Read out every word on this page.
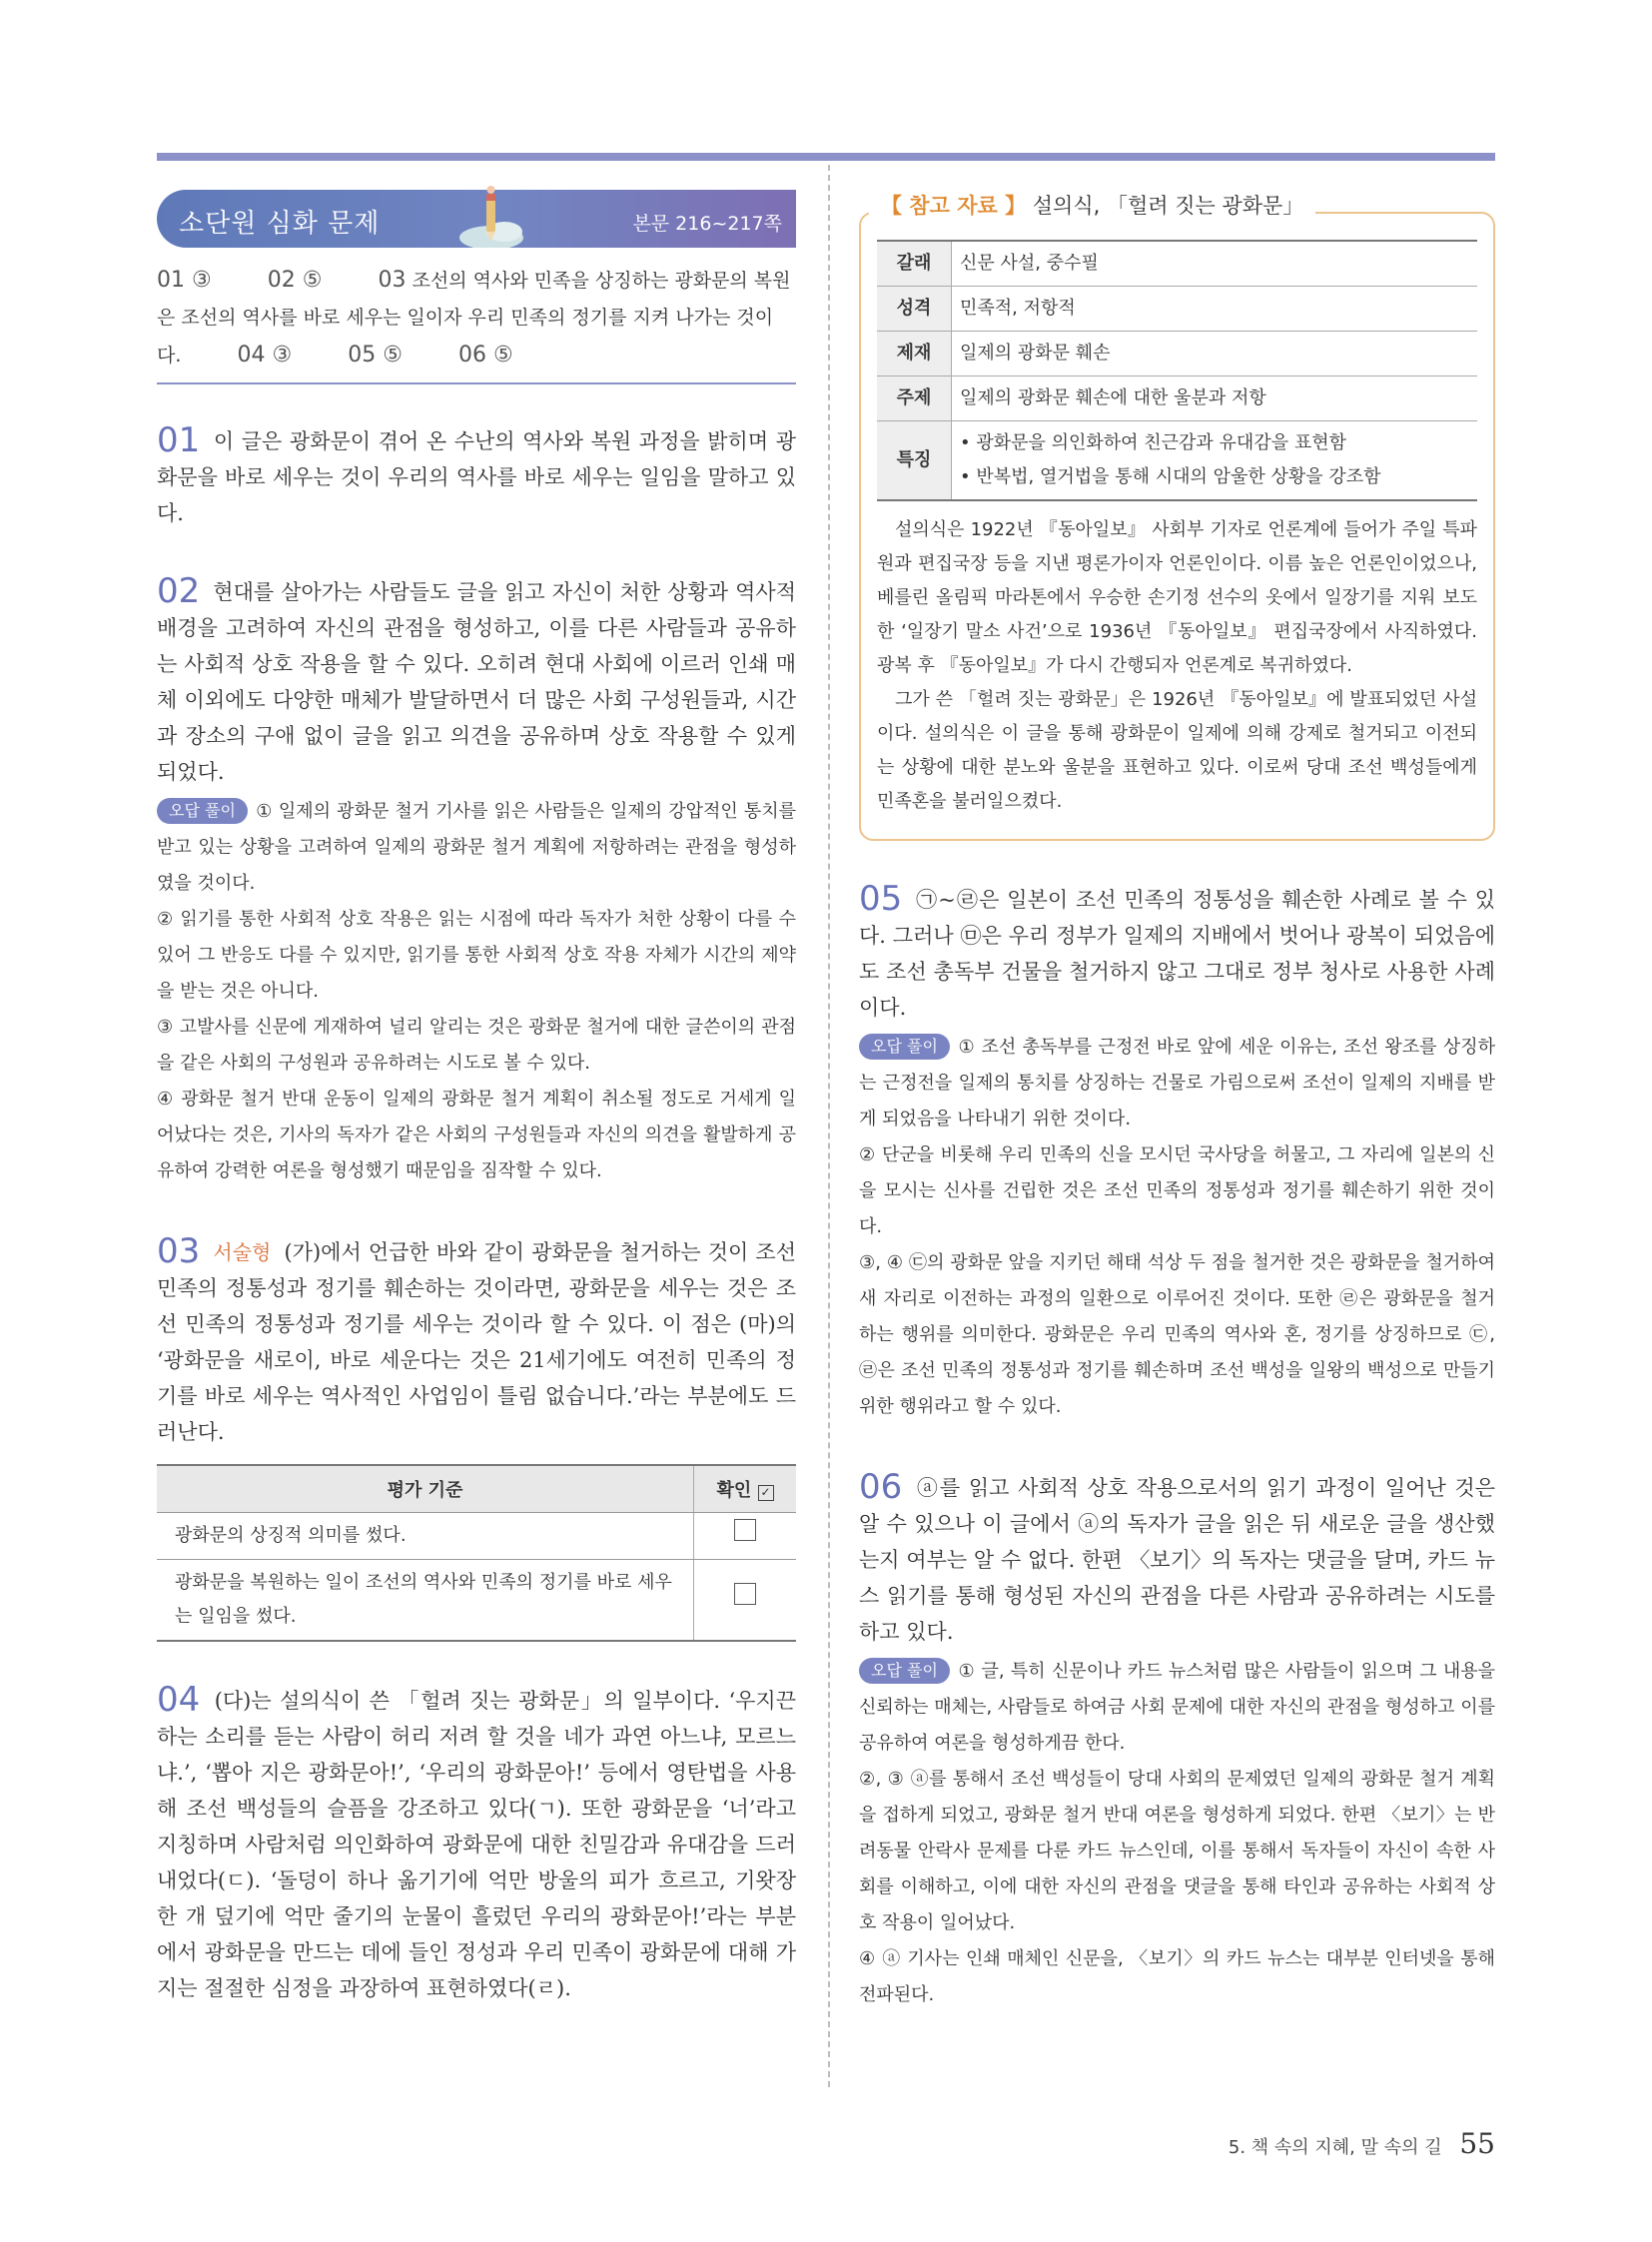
소단원 심화 문제	본문 216~217쪽
01 ③	02 ⑤	03 조선의 역사와 민족을 상징하는 광화문의 복원은 조선의 역사를 바로 세우는 일이자 우리 민족의 정기를 지켜 나가는 것이다.	04 ③	05 ⑤	06 ⑤
01 이 글은 광화문이 겪어 온 수난의 역사와 복원 과정을 밝히며 광화문을 바로 세우는 것이 우리의 역사를 바로 세우는 일임을 말하고 있다.
02 현대를 살아가는 사람들도 글을 읽고 자신이 처한 상황과 역사적 배경을 고려하여 자신의 관점을 형성하고, 이를 다른 사람들과 공유하는 사회적 상호 작용을 할 수 있다. 오히려 현대 사회에 이르러 인쇄 매체 이외에도 다양한 매체가 발달하면서 더 많은 사회 구성원들과, 시간과 장소의 구애 없이 글을 읽고 의견을 공유하며 상호 작용할 수 있게 되었다.
오답 풀이 ① 일제의 광화문 철거 기사를 읽은 사람들은 일제의 강압적인 통치를 받고 있는 상황을 고려하여 일제의 광화문 철거 계획에 저항하려는 관점을 형성하였을 것이다.
② 읽기를 통한 사회적 상호 작용은 읽는 시점에 따라 독자가 처한 상황이 다를 수 있어 그 반응도 다를 수 있지만, 읽기를 통한 사회적 상호 작용 자체가 시간의 제약을 받는 것은 아니다.
③ 고발사를 신문에 게재하여 널리 알리는 것은 광화문 철거에 대한 글쓴이의 관점을 같은 사회의 구성원과 공유하려는 시도로 볼 수 있다.
④ 광화문 철거 반대 운동이 일제의 광화문 철거 계획이 취소될 정도로 거세게 일어났다는 것은, 기사의 독자가 같은 사회의 구성원들과 자신의 의견을 활발하게 공유하여 강력한 여론을 형성했기 때문임을 짐작할 수 있다.
03 서술형 (가)에서 언급한 바와 같이 광화문을 철거하는 것이 조선 민족의 정통성과 정기를 훼손하는 것이라면, 광화문을 세우는 것은 조선 민족의 정통성과 정기를 세우는 것이라 할 수 있다. 이 점은 (마)의 ‘광화문을 새로이, 바로 세운다는 것은 21세기에도 여전히 민족의 정기를 바로 세우는 역사적인 사업임이 틀림 없습니다.’라는 부분에도 드러난다.
평가 기준	확인 ✓
광화문의 상징적 의미를 썼다.	
광화문을 복원하는 일이 조선의 역사와 민족의 정기를 바로 세우는 일임을 썼다.	
04 (다)는 설의식이 쓴 「헐려 짓는 광화문」의 일부이다. ‘우지끈하는 소리를 듣는 사람이 허리 저려 할 것을 네가 과연 아느냐, 모르느냐.’, ‘뽑아 지은 광화문아!’, ‘우리의 광화문아!’ 등에서 영탄법을 사용해 조선 백성들의 슬픔을 강조하고 있다(ㄱ). 또한 광화문을 ‘너’라고 지칭하며 사람처럼 의인화하여 광화문에 대한 친밀감과 유대감을 드러내었다(ㄷ). ‘돌덩이 하나 옮기기에 억만 방울의 피가 흐르고, 기왓장 한 개 덮기에 억만 줄기의 눈물이 흘렀던 우리의 광화문아!’라는 부분에서 광화문을 만드는 데에 들인 정성과 우리 민족이 광화문에 대해 가지는 절절한 심정을 과장하여 표현하였다(ㄹ).
【 참고 자료 】 설의식, 「헐려 짓는 광화문」
갈래	신문 사설, 중수필
성격	민족적, 저항적
제재	일제의 광화문 훼손
주제	일제의 광화문 훼손에 대한 울분과 저항
특징	• 광화문을 의인화하여 친근감과 유대감을 표현함
• 반복법, 열거법을 통해 시대의 암울한 상황을 강조함

설의식은 1922년 『동아일보』 사회부 기자로 언론계에 들어가 주일 특파원과 편집국장 등을 지낸 평론가이자 언론인이다. 이름 높은 언론인이었으나, 베를린 올림픽 마라톤에서 우승한 손기정 선수의 옷에서 일장기를 지워 보도한 ‘일장기 말소 사건’으로 1936년 『동아일보』 편집국장에서 사직하였다. 광복 후 『동아일보』가 다시 간행되자 언론계로 복귀하였다.

그가 쓴 「헐려 짓는 광화문」은 1926년 『동아일보』에 발표되었던 사설이다. 설의식은 이 글을 통해 광화문이 일제에 의해 강제로 철거되고 이전되는 상황에 대한 분노와 울분을 표현하고 있다. 이로써 당대 조선 백성들에게 민족혼을 불러일으켰다.

05 ㉠~㉣은 일본이 조선 민족의 정통성을 훼손한 사례로 볼 수 있다. 그러나 ㉤은 우리 정부가 일제의 지배에서 벗어나 광복이 되었음에도 조선 총독부 건물을 철거하지 않고 그대로 정부 청사로 사용한 사례이다.
오답 풀이 ① 조선 총독부를 근정전 바로 앞에 세운 이유는, 조선 왕조를 상징하는 근정전을 일제의 통치를 상징하는 건물로 가림으로써 조선이 일제의 지배를 받게 되었음을 나타내기 위한 것이다.
② 단군을 비롯해 우리 민족의 신을 모시던 국사당을 허물고, 그 자리에 일본의 신을 모시는 신사를 건립한 것은 조선 민족의 정통성과 정기를 훼손하기 위한 것이다.
③, ④ ㉢의 광화문 앞을 지키던 해태 석상 두 점을 철거한 것은 광화문을 철거하여 새 자리로 이전하는 과정의 일환으로 이루어진 것이다. 또한 ㉣은 광화문을 철거하는 행위를 의미한다. 광화문은 우리 민족의 역사와 혼, 정기를 상징하므로 ㉢, ㉣은 조선 민족의 정통성과 정기를 훼손하며 조선 백성을 일왕의 백성으로 만들기 위한 행위라고 할 수 있다.
06 ⓐ를 읽고 사회적 상호 작용으로서의 읽기 과정이 일어난 것은 알 수 있으나 이 글에서 ⓐ의 독자가 글을 읽은 뒤 새로운 글을 생산했는지 여부는 알 수 없다. 한편 〈보기〉의 독자는 댓글을 달며, 카드 뉴스 읽기를 통해 형성된 자신의 관점을 다른 사람과 공유하려는 시도를 하고 있다.
오답 풀이 ① 글, 특히 신문이나 카드 뉴스처럼 많은 사람들이 읽으며 그 내용을 신뢰하는 매체는, 사람들로 하여금 사회 문제에 대한 자신의 관점을 형성하고 이를 공유하여 여론을 형성하게끔 한다.
②, ③ ⓐ를 통해서 조선 백성들이 당대 사회의 문제였던 일제의 광화문 철거 계획을 접하게 되었고, 광화문 철거 반대 여론을 형성하게 되었다. 한편 〈보기〉는 반려동물 안락사 문제를 다룬 카드 뉴스인데, 이를 통해서 독자들이 자신이 속한 사회를 이해하고, 이에 대한 자신의 관점을 댓글을 통해 타인과 공유하는 사회적 상호 작용이 일어났다.
④ ⓐ 기사는 인쇄 매체인 신문을, 〈보기〉의 카드 뉴스는 대부분 인터넷을 통해 전파된다.
5. 책 속의 지혜, 말 속의 길 55
